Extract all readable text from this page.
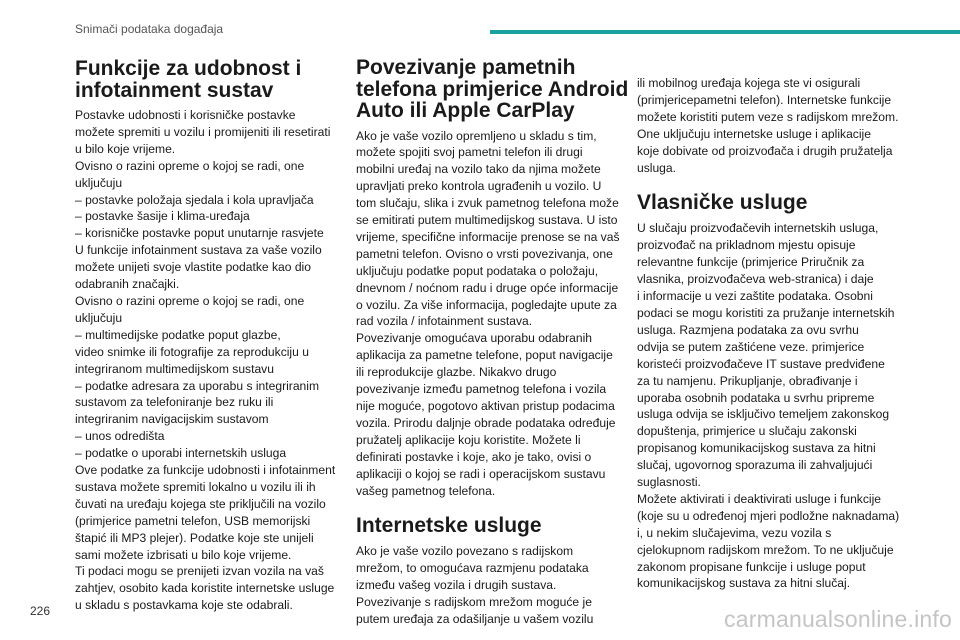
Snimači podataka događaja
Funkcije za udobnost i
infotainment sustav
Postavke udobnosti i korisničke postavke
možete spremiti u vozilu i promijeniti ili resetirati
u bilo koje vrijeme.
Ovisno o razini opreme o kojoj se radi, one
uključuju
– postavke položaja sjedala i kola upravljača
– postavke šasije i klima-uređaja
– korisničke postavke poput unutarnje rasvjete
U funkcije infotainment sustava za vaše vozilo
možete unijeti svoje vlastite podatke kao dio
odabranih značajki.
Ovisno o razini opreme o kojoj se radi, one
uključuju
– multimedijske podatke poput glazbe,
video snimke ili fotografije za reprodukciju u
integriranom multimedijskom sustavu
– podatke adresara za uporabu s integriranim
sustavom za telefoniranje bez ruku ili
integriranim navigacijskim sustavom
– unos odredišta
– podatke o uporabi internetskih usluga
Ove podatke za funkcije udobnosti i infotainment
sustava možete spremiti lokalno u vozilu ili ih
čuvati na uređaju kojega ste priključili na vozilo
(primjerice pametni telefon, USB memorijski
štapić ili MP3 plejer). Podatke koje ste unijeli
sami možete izbrisati u bilo koje vrijeme.
Ti podaci mogu se prenijeti izvan vozila na vaš
zahtjev, osobito kada koristite internetske usluge
u skladu s postavkama koje ste odabrali.
Povezivanje pametnih
telefona primjerice Android
Auto ili Apple CarPlay
Ako je vaše vozilo opremljeno u skladu s tim,
možete spojiti svoj pametni telefon ili drugi
mobilni uređaj na vozilo tako da njima možete
upravljati preko kontrola ugrađenih u vozilo. U
tom slučaju, slika i zvuk pametnog telefona može
se emitirati putem multimedijskog sustava. U isto
vrijeme, specifične informacije prenose se na vaš
pametni telefon. Ovisno o vrsti povezivanja, one
uključuju podatke poput podataka o položaju,
dnevnom / noćnom radu i druge opće informacije
o vozilu. Za više informacija, pogledajte upute za
rad vozila / infotainment sustava.
Povezivanje omogućava uporabu odabranih
aplikacija za pametne telefone, poput navigacije
ili reprodukcije glazbe. Nikakvo drugo
povezivanje između pametnog telefona i vozila
nije moguće, pogotovo aktivan pristup podacima
vozila. Prirodu daljnje obrade podataka određuje
pružatelj aplikacije koju koristite. Možete li
definirati postavke i koje, ako je tako, ovisi o
aplikaciji o kojoj se radi i operacijskom sustavu
vašeg pametnog telefona.
Internetske usluge
Ako je vaše vozilo povezano s radijskom
mrežom, to omogućava razmjenu podataka
između vašeg vozila i drugih sustava.
Povezivanje s radijskom mrežom moguće je
putem uređaja za odašiljanje u vašem vozilu
ili mobilnog uređaja kojega ste vi osigurali
(primjericepametni telefon). Internetske funkcije
možete koristiti putem veze s radijskom mrežom.
One uključuju internetske usluge i aplikacije
koje dobivate od proizvođača i drugih pružatelja
usluga.
Vlasničke usluge
U slučaju proizvođačevih internetskih usluga,
proizvođač na prikladnom mjestu opisuje
relevantne funkcije (primjerice Priručnik za
vlasnika, proizvođačeva web-stranica) i daje
i informacije u vezi zaštite podataka. Osobni
podaci se mogu koristiti za pružanje internetskih
usluga. Razmjena podataka za ovu svrhu
odvija se putem zaštićene veze. primjerice
koristeći proizvođačeve IT sustave predviđene
za tu namjenu. Prikupljanje, obrađivanje i
uporaba osobnih podataka u svrhu pripreme
usluga odvija se isključivo temeljem zakonskog
dopuštenja, primjerice u slučaju zakonski
propisanog komunikacijskog sustava za hitni
slučaj, ugovornog sporazuma ili zahvaljujući
suglasnosti.
Možete aktivirati i deaktivirati usluge i funkcije
(koje su u određenoj mjeri podložne naknadama)
i, u nekim slučajevima, vezu vozila s
cjelokupnom radijskom mrežom. To ne uključuje
zakonom propisane funkcije i usluge poput
komunikacijskog sustava za hitni slučaj.
226	carmanualsonline.info
